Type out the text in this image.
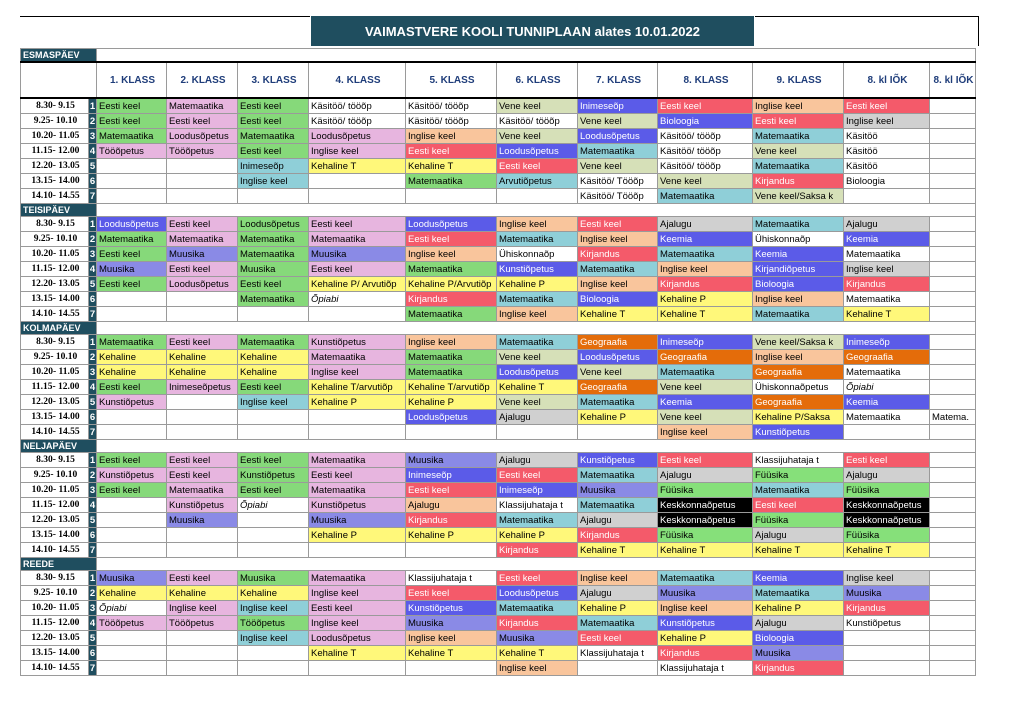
VAIMASTVERE KOOLI TUNNIPLAAN alates 10.01.2022
ESMASPÄEV												
		1. KLASS	2. KLASS	3. KLASS	4. KLASS	5. KLASS	6. KLASS	7. KLASS	8. KLASS	9. KLASS	8. kl IÕK	8. kl IÕK
8.30- 9.15	1	Eesti keel	Matemaatika	Eesti keel	Käsitöö/ tööõp	Käsitöö/ tööõp	Vene keel	Inimeseõp	Eesti keel	Inglise keel	Eesti keel	
9.25- 10.10	2	Eesti keel	Eesti keel	Eesti keel	Käsitöö/ tööõp	Käsitöö/ tööõp	Käsitöö/ tööõp	Vene keel	Bioloogia	Eesti keel	Inglise keel	
10.20- 11.05	3	Matemaatika	Loodusõpetus	Matemaatika	Loodusõpetus	Inglise keel	Vene keel	Loodusõpetus	Käsitöö/ tööõp	Matemaatika	Käsitöö	
11.15- 12.00	4	Tööõpetus	Tööõpetus	Eesti keel	Inglise keel	Eesti keel	Loodusõpetus	Matemaatika	Käsitöö/ tööõp	Vene keel	Käsitöö	
12.20- 13.05	5			Inimeseõp	Kehaline T	Kehaline T	Eesti keel	Vene keel	Käsitöö/ tööõp	Matemaatika	Käsitöö	
13.15- 14.00	6			Inglise keel		Matemaatika	Arvutiõpetus	Käsitöö/ Tööõp	Vene keel	Kirjandus	Bioloogia	
14.10- 14.55	7							Käsitöö/ Tööõp	Matemaatika	Vene keel/Saksa k		
TEISIPÄEV												
8.30- 9.15	1	Loodusõpetus	Eesti keel	Loodusõpetus	Eesti keel	Loodusõpetus	Inglise keel	Eesti keel	Ajalugu	Matemaatika	Ajalugu	
9.25- 10.10	2	Matemaatika	Matemaatika	Matemaatika	Matemaatika	Eesti keel	Matemaatika	Inglise keel	Keemia	Ühiskonnaõp	Keemia	
10.20- 11.05	3	Eesti keel	Muusika	Matemaatika	Muusika	Inglise keel	Ühiskonnaõp	Kirjandus	Matemaatika	Keemia	Matemaatika	
11.15- 12.00	4	Muusika	Eesti keel	Muusika	Eesti keel	Matemaatika	Kunstiõpetus	Matemaatika	Inglise keel	Kirjandiõpetus	Inglise keel	
12.20- 13.05	5	Eesti keel	Loodusõpetus	Eesti keel	Kehaline P/ Arvutiõp	Kehaline P/Arvutiõp	Kehaline P	Inglise keel	Kirjandus	Bioloogia	Kirjandus	
13.15- 14.00	6			Matemaatika	Õpiabi	Kirjandus	Matemaatika	Bioloogia	Kehaline P	Inglise keel	Matemaatika	
14.10- 14.55	7					Matemaatika	Inglise keel	Kehaline T	Kehaline T	Matemaatika	Kehaline T	
KOLMAPÄEV												
8.30- 9.15	1	Matemaatika	Eesti keel	Matemaatika	Kunstiõpetus	Inglise keel	Matemaatika	Geograafia	Inimeseõp	Vene keel/Saksa k	Inimeseõp	
9.25- 10.10	2	Kehaline	Kehaline	Kehaline	Matemaatika	Matemaatika	Vene keel	Loodusõpetus	Geograafia	Inglise keel	Geograafia	
10.20- 11.05	3	Kehaline	Kehaline	Kehaline	Inglise keel	Matemaatika	Loodusõpetus	Vene keel	Matemaatika	Geograafia	Matemaatika	
11.15- 12.00	4	Eesti keel	Inimeseõpetus	Eesti keel	Kehaline T/arvutiõp	Kehaline T/arvutiõp	Kehaline T	Geograafia	Vene keel	Ühiskonnaõpetus	Õpiabi	
12.20- 13.05	5	Kunstiõpetus		Inglise keel	Kehaline P	Kehaline P	Vene keel	Matemaatika	Keemia	Geograafia	Keemia	
13.15- 14.00	6					Loodusõpetus	Ajalugu	Kehaline P	Vene keel	Kehaline P/Saksa	Matemaatika	Matema.
14.10- 14.55	7								Inglise keel	Kunstiõpetus		
NELJAPÄEV												
8.30- 9.15	1	Eesti keel	Eesti keel	Eesti keel	Matemaatika	Muusika	Ajalugu	Kunstiõpetus	Eesti keel	Klassijuhataja t	Eesti keel	
9.25- 10.10	2	Kunstiõpetus	Eesti keel	Kunstiõpetus	Eesti keel	Inimeseõp	Eesti keel	Matemaatika	Ajalugu	Füüsika	Ajalugu	
10.20- 11.05	3	Eesti keel	Matemaatika	Eesti keel	Matemaatika	Eesti keel	Inimeseõp	Muusika	Füüsika	Matemaatika	Füüsika	
11.15- 12.00	4		Kunstiõpetus	Õpiabi	Kunstiõpetus	Ajalugu	Klassijuhataja t	Matemaatika	Keskkonnaõpetus	Eesti keel	Keskkonnaõpetus	
12.20- 13.05	5		Muusika		Muusika	Kirjandus	Matemaatika	Ajalugu	Keskkonnaõpetus	Füüsika	Keskkonnaõpetus	
13.15- 14.00	6				Kehaline P	Kehaline P	Kehaline P	Kirjandus	Füüsika	Ajalugu	Füüsika	
14.10- 14.55	7						Kirjandus	Kehaline T	Kehaline T	Kehaline T	Kehaline T	
REEDE												
8.30- 9.15	1	Muusika	Eesti keel	Muusika	Matemaatika	Klassijuhataja t	Eesti keel	Inglise keel	Matemaatika	Keemia	Inglise keel	
9.25- 10.10	2	Kehaline	Kehaline	Kehaline	Inglise keel	Eesti keel	Loodusõpetus	Ajalugu	Muusika	Matemaatika	Muusika	
10.20- 11.05	3	Õpiabi	Inglise keel	Inglise keel	Eesti keel	Kunstiõpetus	Matemaatika	Kehaline P	Inglise keel	Kehaline P	Kirjandus	
11.15- 12.00	4	Tööõpetus	Tööõpetus	Tööõpetus	Inglise keel	Muusika	Kirjandus	Matemaatika	Kunstiõpetus	Ajalugu	Kunstiõpetus	
12.20- 13.05	5			Inglise keel	Loodusõpetus	Inglise keel	Muusika	Eesti keel	Kehaline P	Bioloogia		
13.15- 14.00	6				Kehaline T	Kehaline T	Kehaline T	Klassijuhataja t	Kirjandus	Muusika		
14.10- 14.55	7						Inglise keel		Klassijuhataja t	Kirjandus		
